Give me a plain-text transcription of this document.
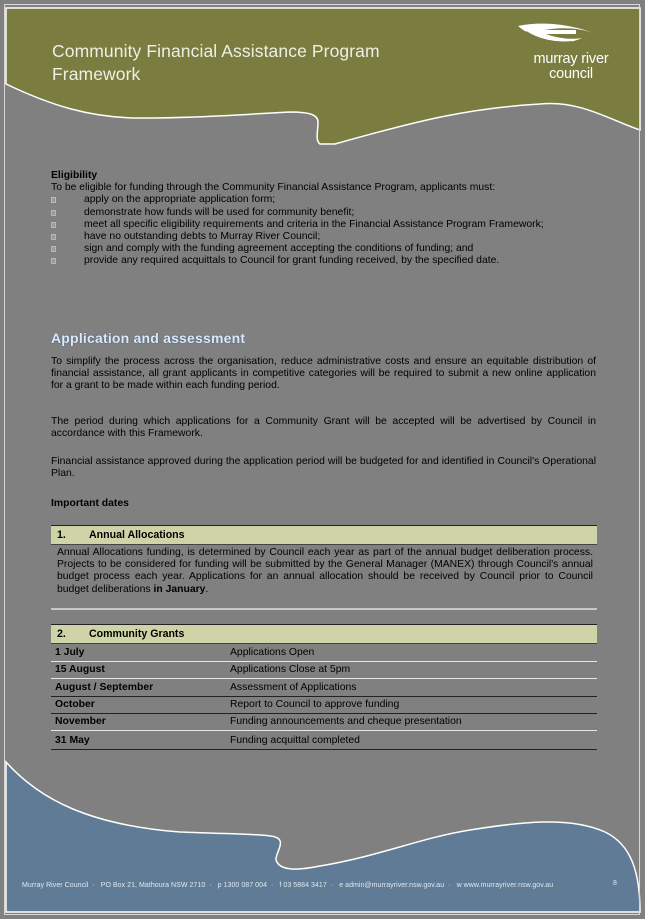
Community Financial Assistance Program
Framework
murray river
council
Eligibility
To be eligible for funding through the Community Financial Assistance Program, applicants must:
apply on the appropriate application form;
demonstrate how funds will be used for community benefit;
meet all specific eligibility requirements and criteria in the Financial Assistance Program Framework;
have no outstanding debts to Murray River Council;
sign and comply with the funding agreement accepting the conditions of funding; and
provide any required acquittals to Council for grant funding received, by the specified date.
Application and assessment
To simplify the process across the organisation, reduce administrative costs and ensure an equitable distribution of financial assistance, all grant applicants in competitive categories will be required to submit a new online application for a grant to be made within each funding period.
The period during which applications for a Community Grant will be accepted will be advertised by Council in accordance with this Framework.
Financial assistance approved during the application period will be budgeted for and identified in Council's Operational Plan.
Important dates
1. Annual Allocations
Annual Allocations funding, is determined by Council each year as part of the annual budget deliberation process. Projects to be considered for funding will be submitted by the General Manager (MANEX) through Council's annual budget process each year. Applications for an annual allocation should be received by Council prior to Council budget deliberations in January.
2. Community Grants
1 July	Applications Open
15 August	Applications Close at 5pm
August / September	Assessment of Applications
October	Report to Council to approve funding
November	Funding announcements and cheque presentation
31 May	Funding acquittal completed
Murray River Council · PO Box 21, Mathoura NSW 2710 · p 1300 087 004 · f 03 5884 3417 · e admin@murrayriver.nsw.gov.au · w www.murrayriver.nsw.gov.au	8
